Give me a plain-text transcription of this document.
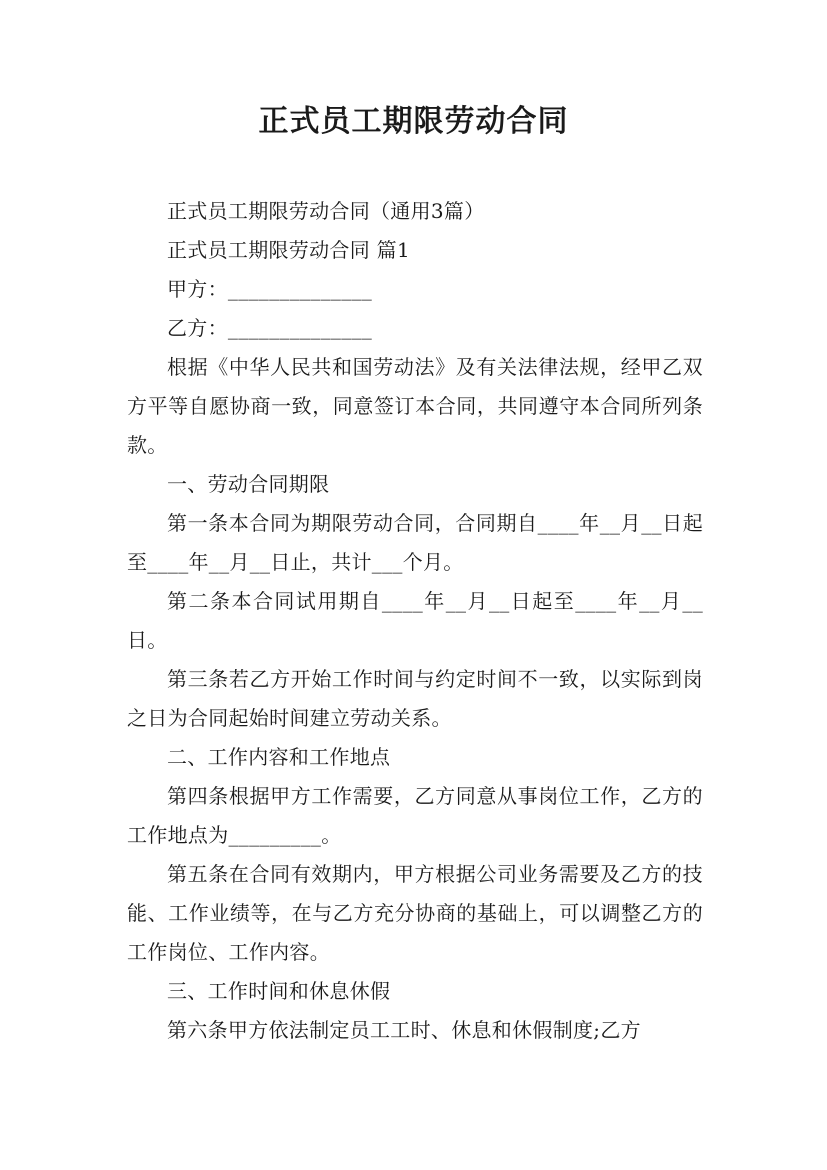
正式员工期限劳动合同

正式员工期限劳动合同（通用3篇）

正式员工期限劳动合同 篇1

甲方：______________

乙方：______________

根据《中华人民共和国劳动法》及有关法律法规，经甲乙双方平等自愿协商一致，同意签订本合同，共同遵守本合同所列条款。

一、劳动合同期限

第一条本合同为期限劳动合同，合同期自____年__月__日起至____年__月__日止，共计___个月。

第二条本合同试用期自____年__月__日起至____年__月__日。

第三条若乙方开始工作时间与约定时间不一致，以实际到岗之日为合同起始时间建立劳动关系。

二、工作内容和工作地点

第四条根据甲方工作需要，乙方同意从事岗位工作，乙方的工作地点为_________。

第五条在合同有效期内，甲方根据公司业务需要及乙方的技能、工作业绩等，在与乙方充分协商的基础上，可以调整乙方的工作岗位、工作内容。

三、工作时间和休息休假

第六条甲方依法制定员工工时、休息和休假制度;乙方
